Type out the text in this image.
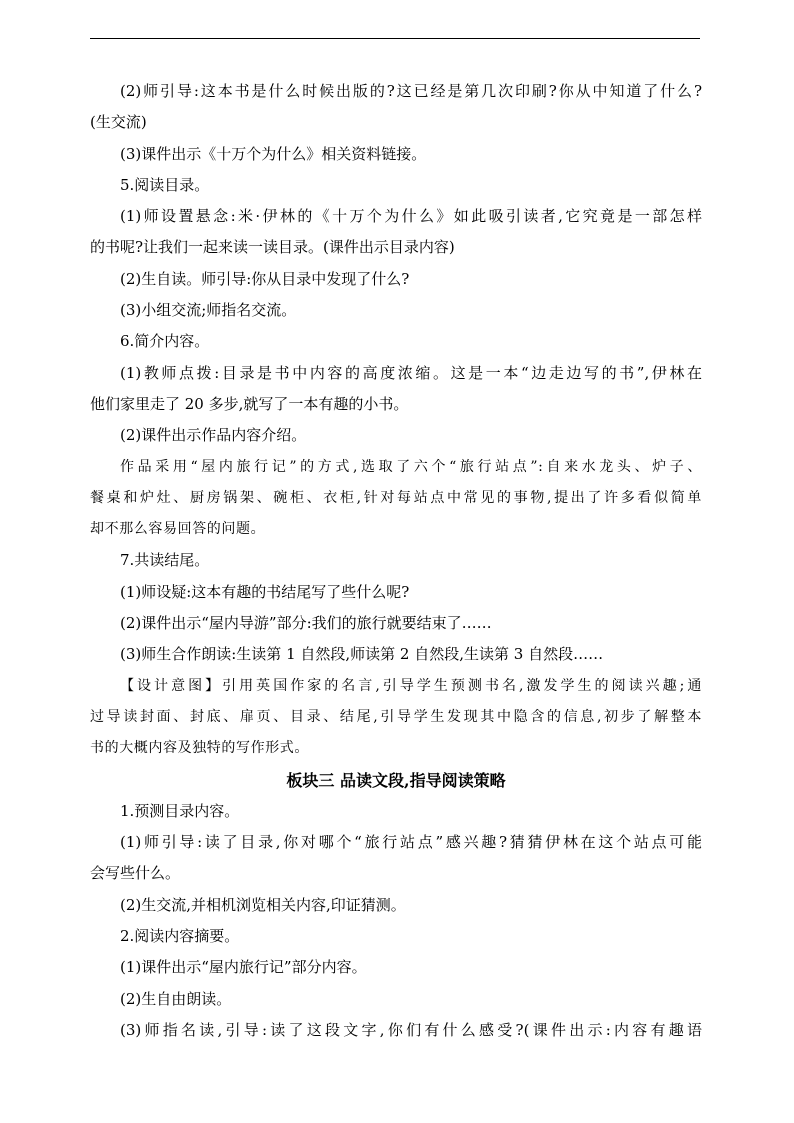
(2)师引导:这本书是什么时候出版的?这已经是第几次印刷?你从中知道了什么?
(生交流)
(3)课件出示《十万个为什么》相关资料链接。
5.阅读目录。
(1)师设置悬念:米·伊林的《十万个为什么》如此吸引读者,它究竟是一部怎样
的书呢?让我们一起来读一读目录。(课件出示目录内容)
(2)生自读。师引导:你从目录中发现了什么?
(3)小组交流;师指名交流。
6.简介内容。
(1)教师点拨:目录是书中内容的高度浓缩。这是一本“边走边写的书”,伊林在
他们家里走了 20 多步,就写了一本有趣的小书。
(2)课件出示作品内容介绍。
作品采用“屋内旅行记”的方式,选取了六个“旅行站点”:自来水龙头、炉子、
餐桌和炉灶、厨房锅架、碗柜、衣柜,针对每站点中常见的事物,提出了许多看似简单
却不那么容易回答的问题。
7.共读结尾。
(1)师设疑:这本有趣的书结尾写了些什么呢?
(2)课件出示“屋内导游”部分:我们的旅行就要结束了……
(3)师生合作朗读:生读第 1 自然段,师读第 2 自然段,生读第 3 自然段……
【设计意图】引用英国作家的名言,引导学生预测书名,激发学生的阅读兴趣;通
过导读封面、封底、扉页、目录、结尾,引导学生发现其中隐含的信息,初步了解整本
书的大概内容及独特的写作形式。
板块三 品读文段,指导阅读策略
1.预测目录内容。
(1)师引导:读了目录,你对哪个“旅行站点”感兴趣?猜猜伊林在这个站点可能
会写些什么。
(2)生交流,并相机浏览相关内容,印证猜测。
2.阅读内容摘要。
(1)课件出示“屋内旅行记”部分内容。
(2)生自由朗读。
(3)师指名读,引导:读了这段文字,你们有什么感受?(课件出示:内容有趣语
